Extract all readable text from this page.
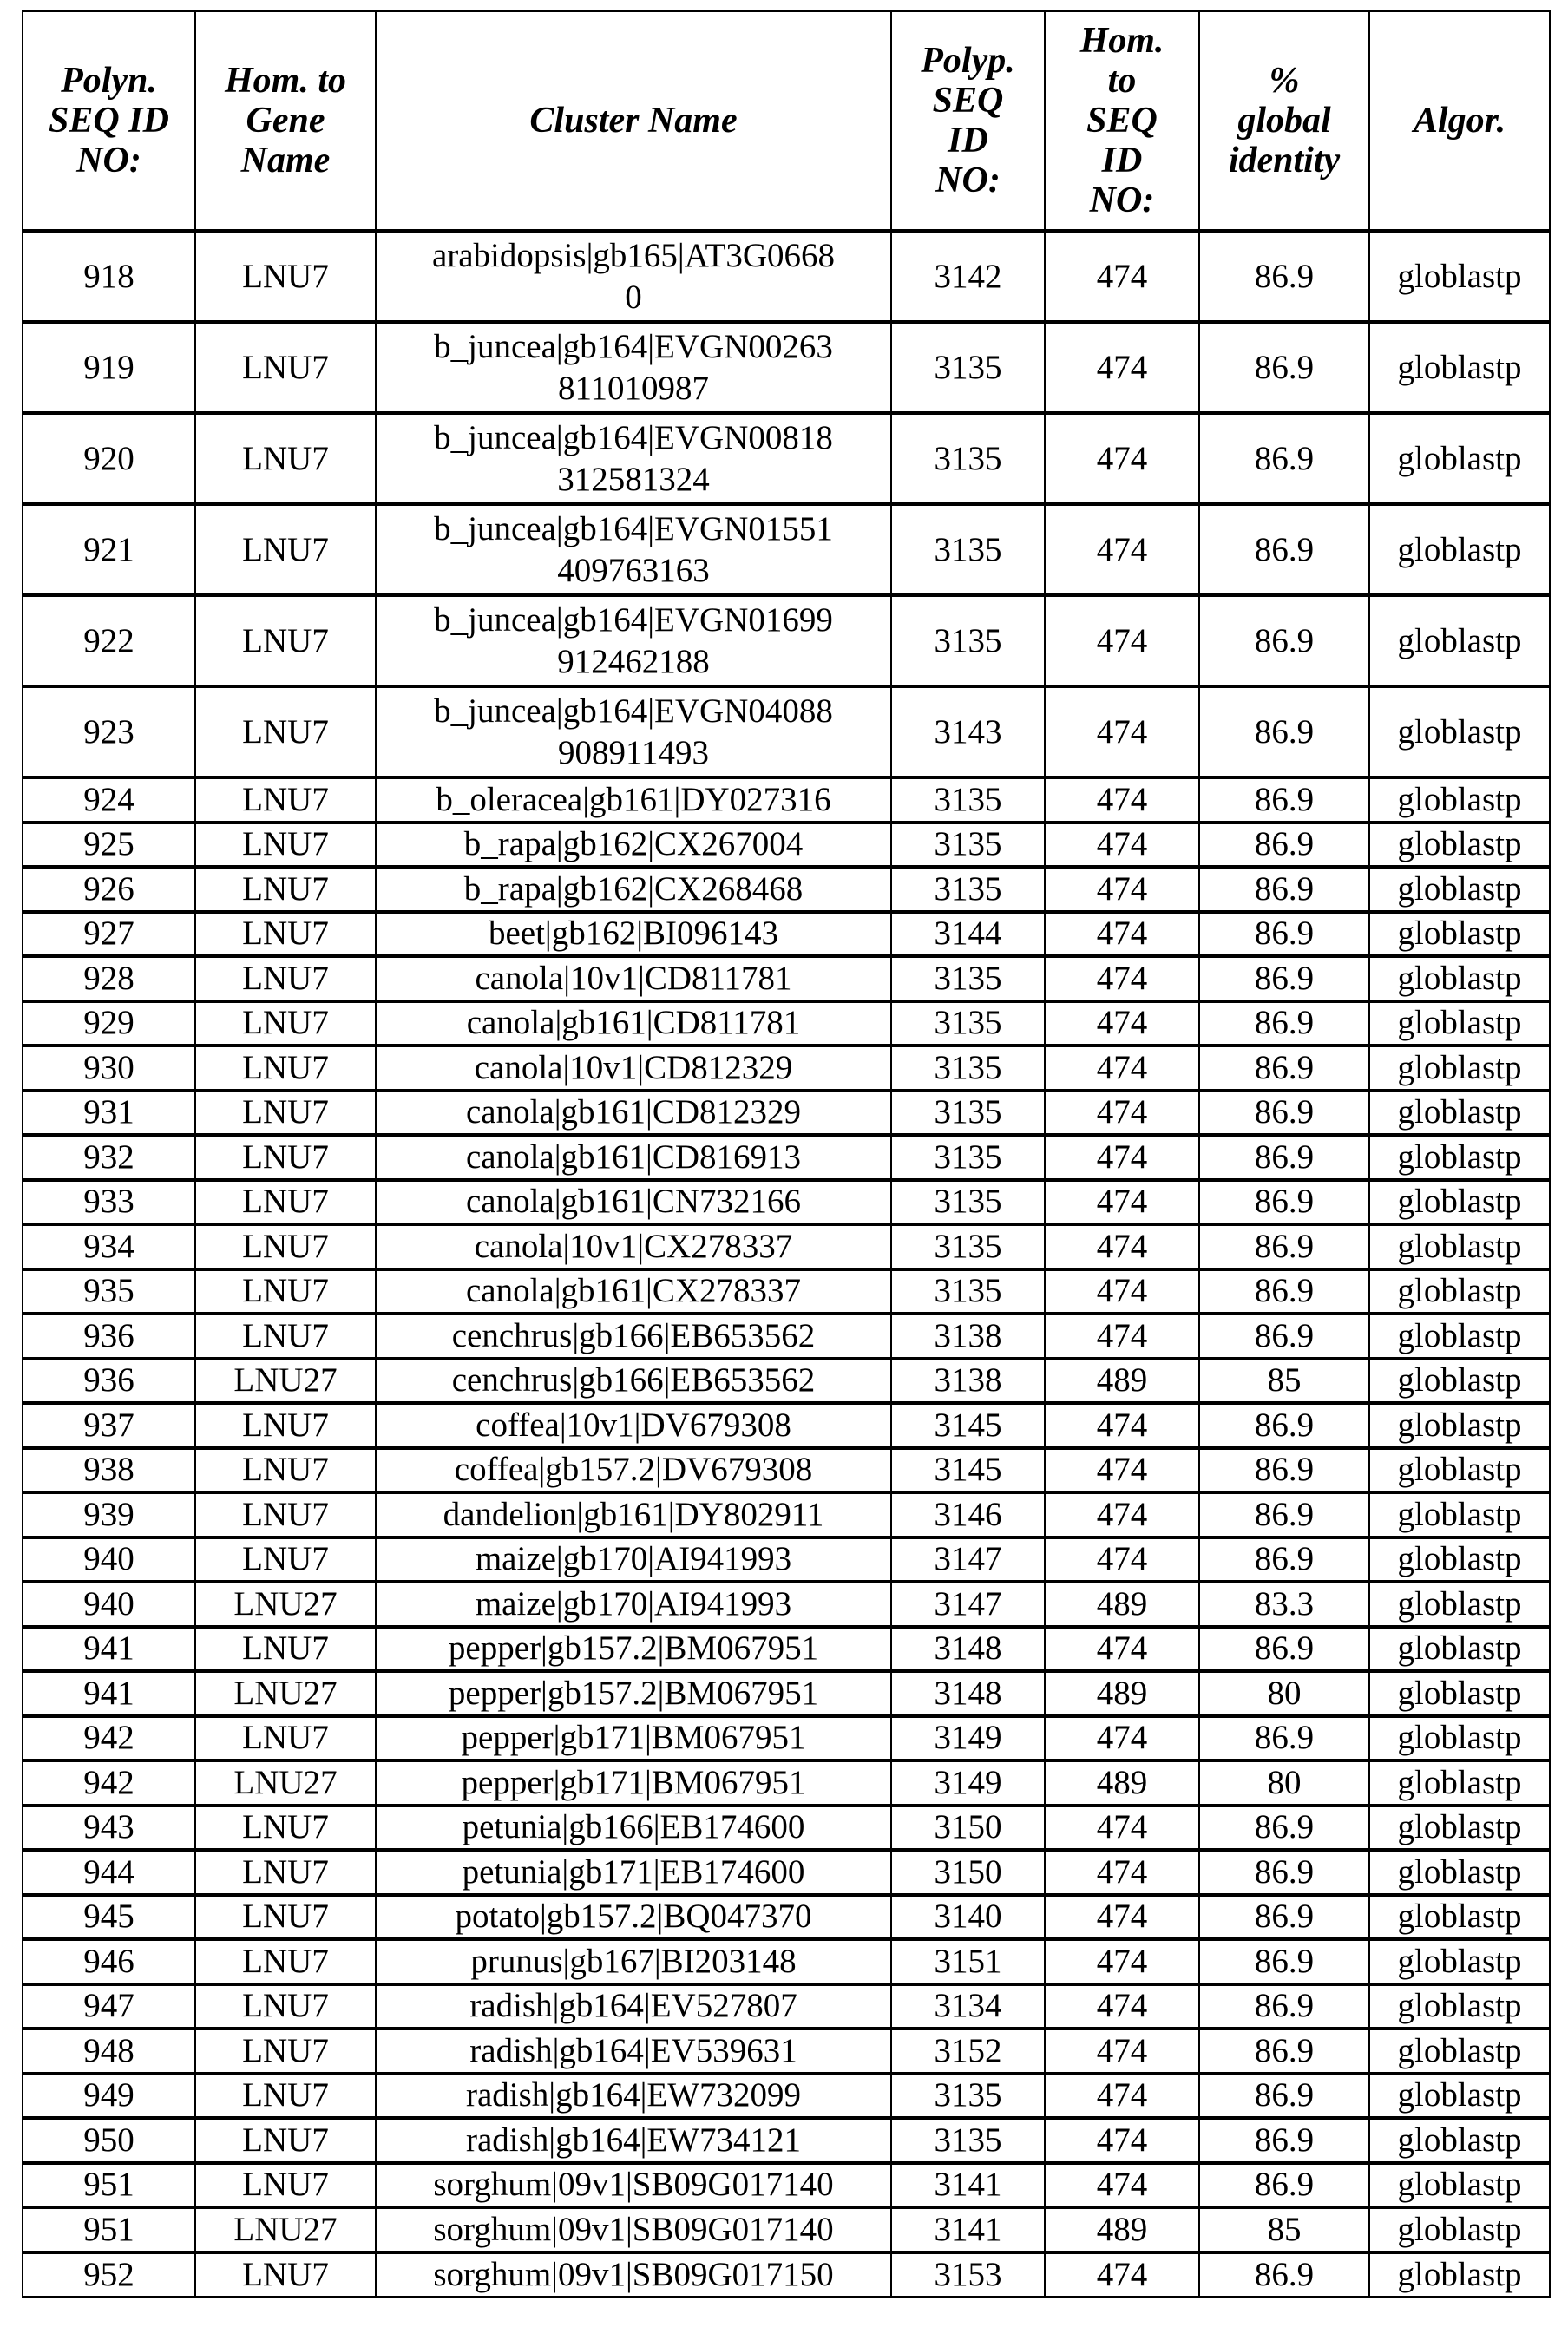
Polyn.
SEQ ID
NO:	Hom. to
Gene
Name	Cluster Name	Polyp.
SEQ
ID
NO:	Hom.
to
SEQ
ID
NO:	%
global
identity	Algor.

918	LNU7	arabidopsis|gb165|AT3G0668
0	3142	474	86.9	globlastp
919	LNU7	b_juncea|gb164|EVGN00263
811010987	3135	474	86.9	globlastp
920	LNU7	b_juncea|gb164|EVGN00818
312581324	3135	474	86.9	globlastp
921	LNU7	b_juncea|gb164|EVGN01551
409763163	3135	474	86.9	globlastp
922	LNU7	b_juncea|gb164|EVGN01699
912462188	3135	474	86.9	globlastp
923	LNU7	b_juncea|gb164|EVGN04088
908911493	3143	474	86.9	globlastp
924	LNU7	b_oleracea|gb161|DY027316	3135	474	86.9	globlastp
925	LNU7	b_rapa|gb162|CX267004	3135	474	86.9	globlastp
926	LNU7	b_rapa|gb162|CX268468	3135	474	86.9	globlastp
927	LNU7	beet|gb162|BI096143	3144	474	86.9	globlastp
928	LNU7	canola|10v1|CD811781	3135	474	86.9	globlastp
929	LNU7	canola|gb161|CD811781	3135	474	86.9	globlastp
930	LNU7	canola|10v1|CD812329	3135	474	86.9	globlastp
931	LNU7	canola|gb161|CD812329	3135	474	86.9	globlastp
932	LNU7	canola|gb161|CD816913	3135	474	86.9	globlastp
933	LNU7	canola|gb161|CN732166	3135	474	86.9	globlastp
934	LNU7	canola|10v1|CX278337	3135	474	86.9	globlastp
935	LNU7	canola|gb161|CX278337	3135	474	86.9	globlastp
936	LNU7	cenchrus|gb166|EB653562	3138	474	86.9	globlastp
936	LNU27	cenchrus|gb166|EB653562	3138	489	85	globlastp
937	LNU7	coffea|10v1|DV679308	3145	474	86.9	globlastp
938	LNU7	coffea|gb157.2|DV679308	3145	474	86.9	globlastp
939	LNU7	dandelion|gb161|DY802911	3146	474	86.9	globlastp
940	LNU7	maize|gb170|AI941993	3147	474	86.9	globlastp
940	LNU27	maize|gb170|AI941993	3147	489	83.3	globlastp
941	LNU7	pepper|gb157.2|BM067951	3148	474	86.9	globlastp
941	LNU27	pepper|gb157.2|BM067951	3148	489	80	globlastp
942	LNU7	pepper|gb171|BM067951	3149	474	86.9	globlastp
942	LNU27	pepper|gb171|BM067951	3149	489	80	globlastp
943	LNU7	petunia|gb166|EB174600	3150	474	86.9	globlastp
944	LNU7	petunia|gb171|EB174600	3150	474	86.9	globlastp
945	LNU7	potato|gb157.2|BQ047370	3140	474	86.9	globlastp
946	LNU7	prunus|gb167|BI203148	3151	474	86.9	globlastp
947	LNU7	radish|gb164|EV527807	3134	474	86.9	globlastp
948	LNU7	radish|gb164|EV539631	3152	474	86.9	globlastp
949	LNU7	radish|gb164|EW732099	3135	474	86.9	globlastp
950	LNU7	radish|gb164|EW734121	3135	474	86.9	globlastp
951	LNU7	sorghum|09v1|SB09G017140	3141	474	86.9	globlastp
951	LNU27	sorghum|09v1|SB09G017140	3141	489	85	globlastp
952	LNU7	sorghum|09v1|SB09G017150	3153	474	86.9	globlastp
